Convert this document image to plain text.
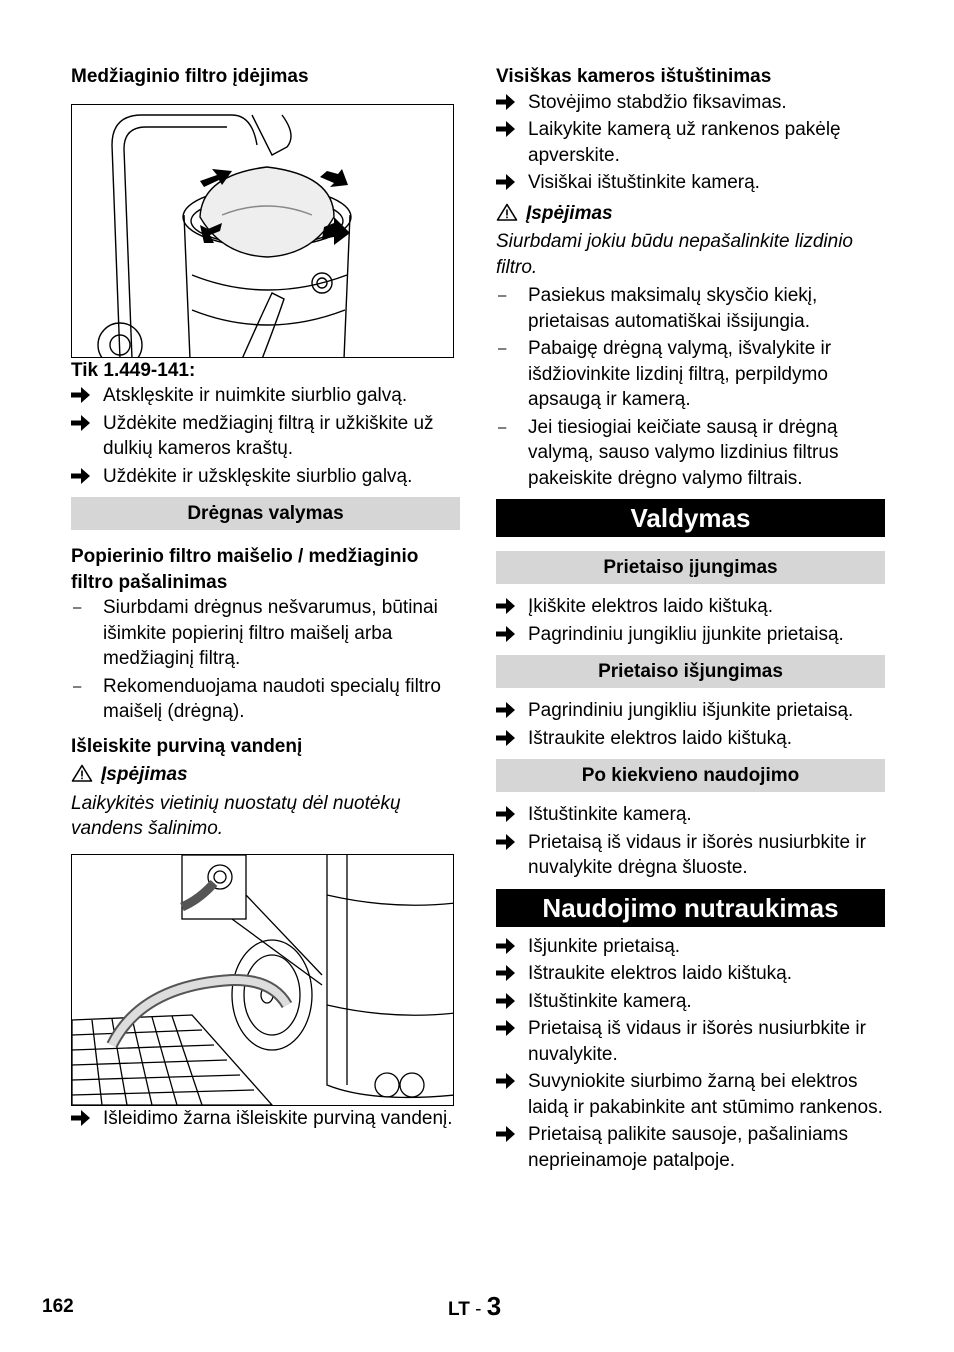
Medžiaginio filtro įdėjimas

Tik 1.449-141:

Atsklęskite ir nuimkite siurblio galvą.

Uždėkite medžiaginį filtrą ir užkiškite už dulkių kameros kraštų.

Uždėkite ir užsklęskite siurblio galvą.

Drėgnas valymas

Popierinio filtro maišelio / medžiaginio filtro pašalinimas

–	Siurbdami drėgnus nešvarumus, būtinai išimkite popierinį filtro maišelį arba medžiaginį filtrą.

–	Rekomenduojama naudoti specialų filtro maišelį (drėgną).

Išleiskite purviną vandenį

Įspėjimas

Laikykitės vietinių nuostatų dėl nuotėkų vandens šalinimo.

Išleidimo žarna išleiskite purviną vandenį.

Visiškas kameros ištuštinimas

Stovėjimo stabdžio fiksavimas.

Laikykite kamerą už rankenos pakėlę apverskite.

Visiškai ištuštinkite kamerą.

Įspėjimas

Siurbdami jokiu būdu nepašalinkite lizdinio filtro.

–	Pasiekus maksimalų skysčio kiekį, prietaisas automatiškai išsijungia.

–	Pabaigę drėgną valymą, išvalykite ir išdžiovinkite lizdinį filtrą, perpildymo apsaugą ir kamerą.

–	Jei tiesiogiai keičiate sausą ir drėgną valymą, sauso valymo lizdinius filtrus pakeiskite drėgno valymo filtrais.

Valdymas

Prietaiso įjungimas

Įkiškite elektros laido kištuką.

Pagrindiniu jungikliu įjunkite prietaisą.

Prietaiso išjungimas

Pagrindiniu jungikliu išjunkite prietaisą.

Ištraukite elektros laido kištuką.

Po kiekvieno naudojimo

Ištuštinkite kamerą.

Prietaisą iš vidaus ir išorės nusiurbkite ir nuvalykite drėgna šluoste.

Naudojimo nutraukimas

Išjunkite prietaisą.

Ištraukite elektros laido kištuką.

Ištuštinkite kamerą.

Prietaisą iš vidaus ir išorės nusiurbkite ir nuvalykite.

Suvyniokite siurbimo žarną bei elektros laidą ir pakabinkite ant stūmimo rankenos.

Prietaisą palikite sausoje, pašaliniams neprieinamoje patalpoje.

162	LT - 3
